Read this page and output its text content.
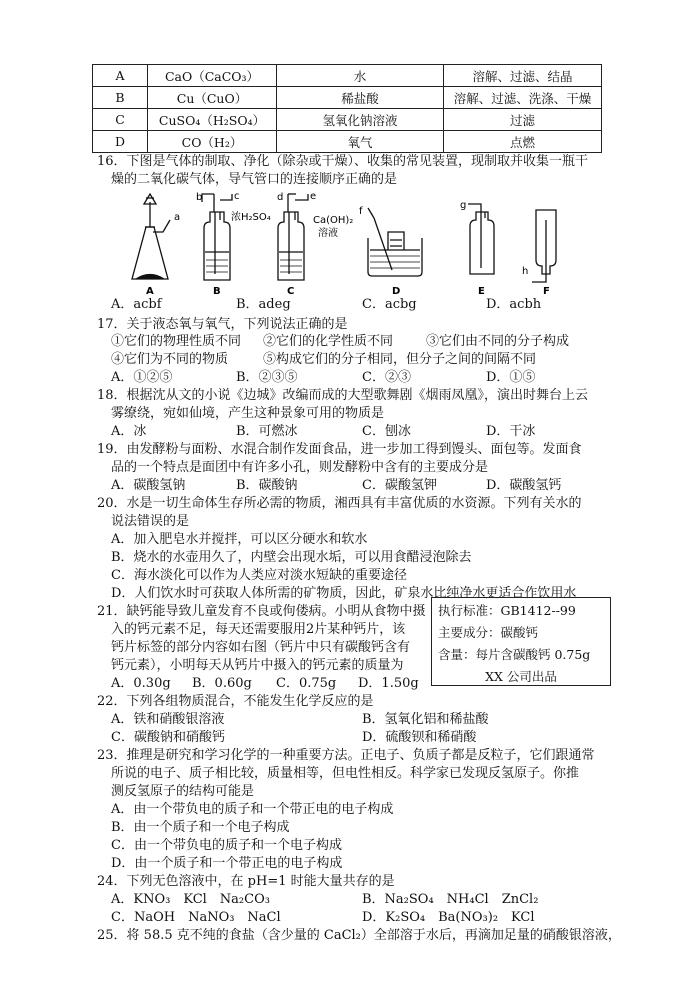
A	CaO（CaCO₃）	水	溶解、过滤、结晶
B	Cu（CuO）	稀盐酸	溶解、过滤、洗涤、干燥
C	CuSO₄（H₂SO₄）	氢氧化钠溶液	过滤
D	CO（H₂）	氧气	点燃
16．下图是气体的制取、净化（除杂或干燥）、收集的常见装置，现制取并收集一瓶干
燥的二氧化碳气体，导气管口的连接顺序正确的是
a
b	c	d	e
f
g
h
浓H₂SO₄	Ca(OH)₂
溶液
A	B	C	D	E	F
A．acbf	B．adeg	C．acbg	D．acbh
17．关于液态氧与氧气，下列说法正确的是
①它们的物理性质不同 ②它们的化学性质不同	③它们由不同的分子构成
④它们为不同的物质	⑤构成它们的分子相同，但分子之间的间隔不同
A．①②⑤	B．②③⑤	C．②③	D．①⑤
18．根据沈从文的小说《边城》改编而成的大型歌舞剧《烟雨凤凰》，演出时舞台上云
雾缭绕，宛如仙境，产生这种景象可用的物质是
A．冰	B．可燃冰	C．刨冰	D．干冰
19．由发酵粉与面粉、水混合制作发面食品，进一步加工得到馒头、面包等。发面食
品的一个特点是面团中有许多小孔，则发酵粉中含有的主要成分是
A．碳酸氢钠	B．碳酸钠	C．碳酸氢钾	D．碳酸氢钙
20．水是一切生命体生存所必需的物质，湘西具有丰富优质的水资源。下列有关水的
说法错误的是
A．加入肥皂水并搅拌，可以区分硬水和软水
B．烧水的水壶用久了，内壁会出现水垢，可以用食醋浸泡除去
C．海水淡化可以作为人类应对淡水短缺的重要途径
D．人们饮水时可获取人体所需的矿物质，因此，矿泉水比纯净水更适合作饮用水
21．缺钙能导致儿童发育不良或佝偻病。小明从食物中摄
入的钙元素不足，每天还需要服用2片某种钙片，该
钙片标签的部分内容如右图（钙片中只有碳酸钙含有
钙元素），小明每天从钙片中摄入的钙元素的质量为
A．0.30g B．0.60g C．0.75g D．1.50g
执行标准：GB1412--99
主要成分：碳酸钙
含量：每片含碳酸钙 0.75g
XX 公司出品
22．下列各组物质混合，不能发生化学反应的是
A．铁和硝酸银溶液	B．氢氧化铝和稀盐酸
C．碳酸钠和硝酸钙	D．硫酸钡和稀硝酸
23．推理是研究和学习化学的一种重要方法。正电子、负质子都是反粒子，它们跟通常
所说的电子、质子相比较，质量相等，但电性相反。科学家已发现反氢原子。你推
测反氢原子的结构可能是
A．由一个带负电的质子和一个带正电的电子构成
B．由一个质子和一个电子构成
C．由一个带负电的质子和一个电子构成
D．由一个质子和一个带正电的电子构成
24．下列无色溶液中，在 pH=1 时能大量共存的是
A．KNO₃　KCl　Na₂CO₃	B．Na₂SO₄　NH₄Cl　ZnCl₂
C．NaOH　NaNO₃　NaCl	D．K₂SO₄　Ba(NO₃)₂　KCl
25．将 58.5 克不纯的食盐（含少量的 CaCl₂）全部溶于水后，再滴加足量的硝酸银溶液，
